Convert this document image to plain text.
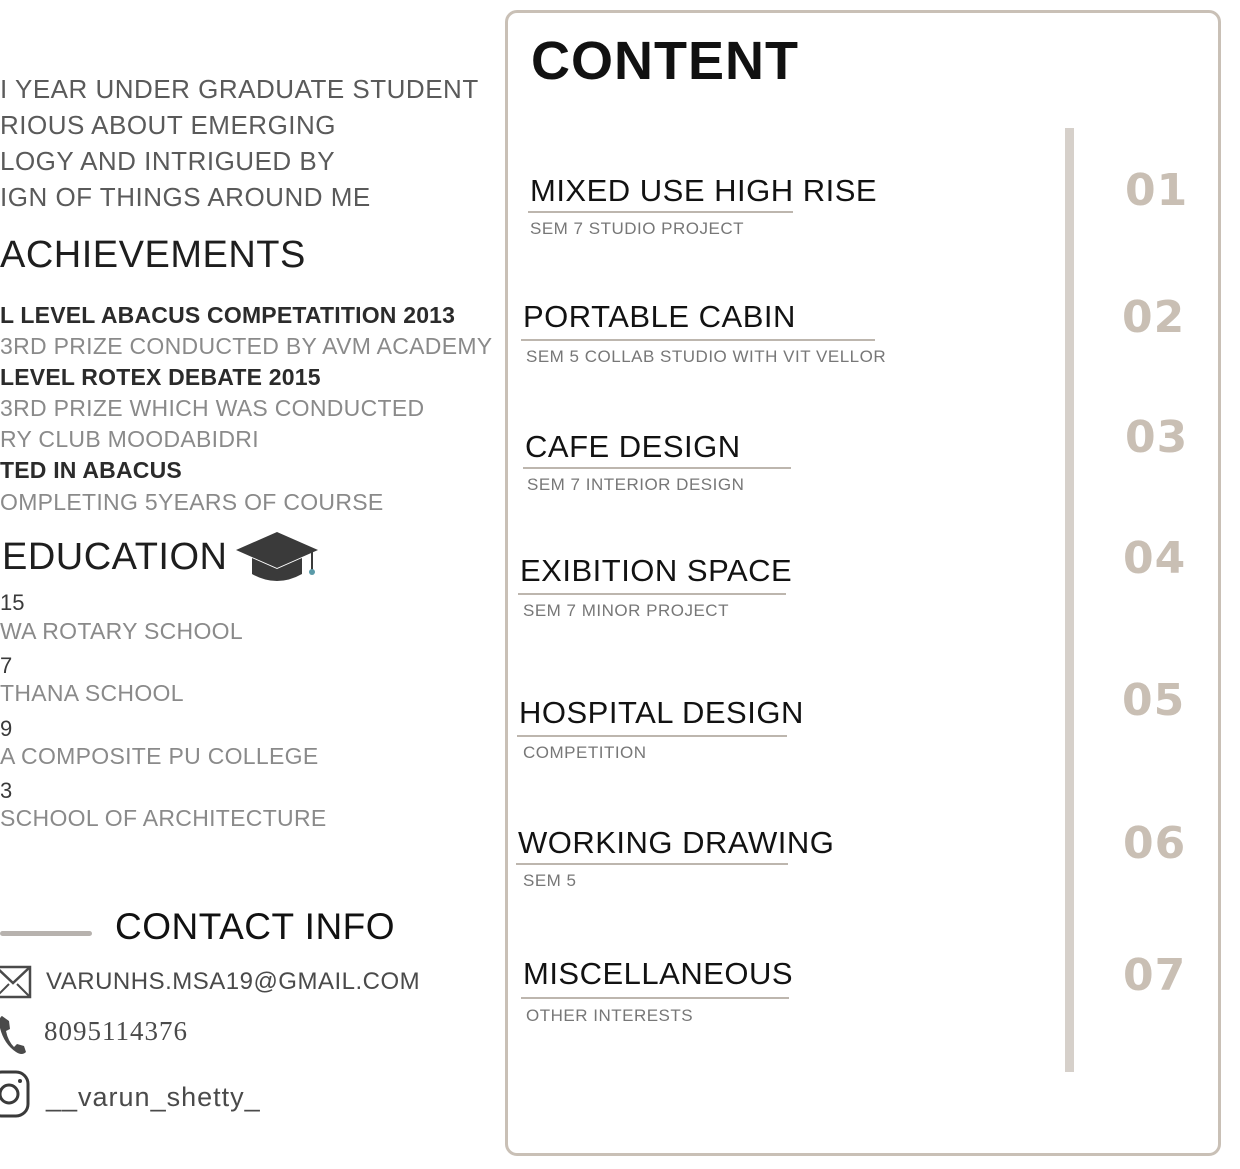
I YEAR UNDER GRADUATE STUDENT
RIOUS ABOUT EMERGING
LOGY AND INTRIGUED BY
IGN OF THINGS AROUND ME
ACHIEVEMENTS
L LEVEL ABACUS COMPETATITION 2013
3RD PRIZE CONDUCTED BY AVM ACADEMY
LEVEL ROTEX DEBATE 2015
3RD PRIZE WHICH WAS CONDUCTED
RY CLUB MOODABIDRI
TED IN ABACUS
OMPLETING 5YEARS OF COURSE
EDUCATION
15
WA ROTARY SCHOOL
7
THANA SCHOOL
9
A COMPOSITE PU COLLEGE
3
SCHOOL OF ARCHITECTURE
CONTACT INFO
VARUNHS.MSA19@GMAIL.COM
8095114376
__varun_shetty_
CONTENT
MIXED USE HIGH RISE
SEM 7 STUDIO PROJECT
01
PORTABLE CABIN
SEM 5 COLLAB STUDIO WITH VIT VELLOR
02
CAFE DESIGN
SEM 7 INTERIOR DESIGN
03
EXIBITION SPACE
SEM 7 MINOR PROJECT
04
HOSPITAL DESIGN
COMPETITION
05
WORKING DRAWING
SEM 5
06
MISCELLANEOUS
OTHER INTERESTS
07
